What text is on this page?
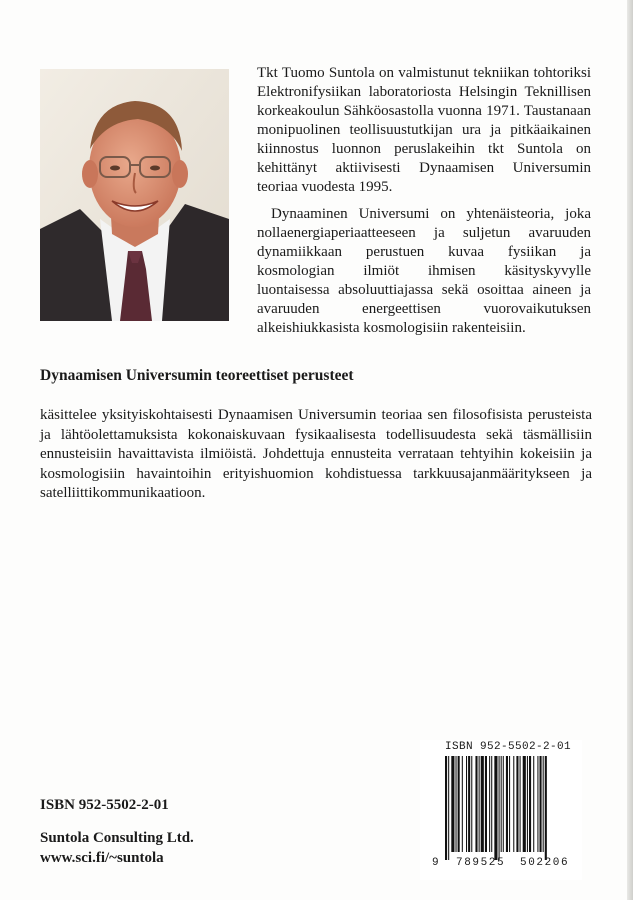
Tkt Tuomo Suntola on valmistunut tekniikan tohtoriksi Elektronifysiikan laboratoriosta Helsingin Teknillisen korkeakoulun Sähköosastolla vuonna 1971. Taustanaan monipuolinen teollisuustutkijan ura ja pitkäaikainen kiinnostus luonnon peruslakeihin tkt Suntola on kehittänyt aktiivisesti Dynaamisen Universumin teoriaa vuodesta 1995.

Dynaaminen Universumi on yhtenäisteoria, joka nollaenergiaperiaatteeseen ja suljetun avaruuden dynamiikkaan perustuen kuvaa fysiikan ja kosmologian ilmiöt ihmisen käsityskyvylle luontaisessa absoluuttiajassa sekä osoittaa aineen ja avaruuden energeettisen vuorovaikutuksen alkeishiukkasista kosmologisiin rakenteisiin.

Dynaamisen Universumin teoreettiset perusteet

käsittelee yksityiskohtaisesti Dynaamisen Universumin teoriaa sen filosofisista perusteista ja lähtöolettamuksista kokonaiskuvaan fysikaalisesta todellisuudesta sekä täsmällisiin ennusteisiin havaittavista ilmiöistä. Johdettuja ennusteita verrataan tehtyihin kokeisiin ja kosmologisiin havaintoihin erityishuomion kohdistuessa tarkkuusajanmääritykseen ja satelliittikommunikaatioon.

ISBN 952-5502-2-01

Suntola Consulting Ltd.

www.sci.fi/~suntola

ISBN 952-5502-2-01
9 789525 502206
